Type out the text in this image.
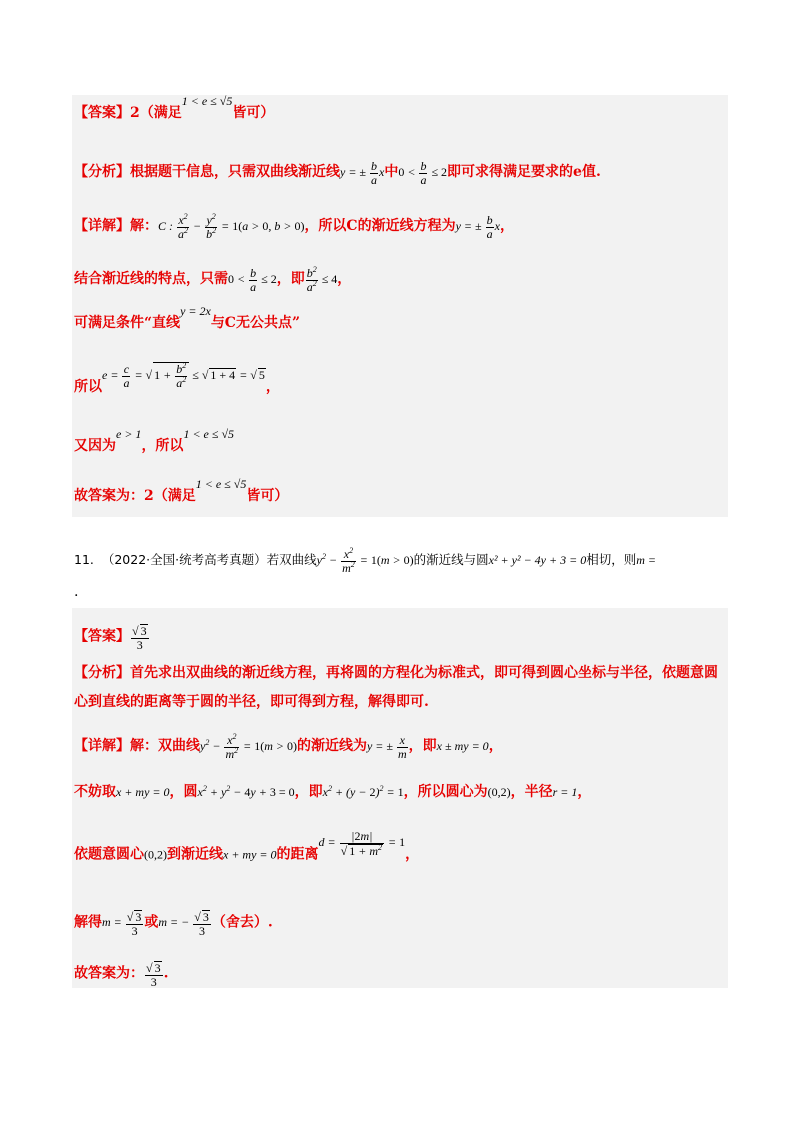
【答案】2（满足1 < e ≤ √5皆可）
【分析】根据题干信息，只需双曲线渐近线y = ± $\frac{b}{a}$ x中$0 < \frac{b}{a} \le 2$即可求得满足要求的e值.
【详解】解：C : $\frac{x^2}{a^2} - \frac{y^2}{b^2} = 1(a > 0$, b > 0)，所以C的渐近线方程为y = ± $\frac{b}{a}$ x，
结合渐近线的特点，只需$0 < \frac{b}{a} \le 2$，即 $\frac{b^2}{a^2} \le 4$，
可满足条件“直线y = 2x与C无公共点”
所以$e = \frac{c}{a}$ = √ $1 + \frac{b^2}{a^2}$ ≤ √ 1 + 4 = √ 5，
又因为e > 1，所以1 < e ≤ √5
故答案为：2（满足1 < e ≤ √5皆可）
11. （2022·全国·统考高考真题）若双曲线$y^2 - \frac{x^2}{m^2} = 1(m > 0)$的渐近线与圆x² + y² − 4y + 3 = 0相切，则m =
.
【答案】 $\frac{√ 3}{3}$
【分析】首先求出双曲线的渐近线方程，再将圆的方程化为标准式，即可得到圆心坐标与半径，依题意圆
心到直线的距离等于圆的半径，即可得到方程，解得即可.
【详解】解：双曲线$y^2 - \frac{x^2}{m^2} = 1(m > 0)$的渐近线为y = ± $\frac{x}{m}$ ，即x ± my = 0，
不妨取x + my = 0，圆$x^2 + y^2 - 4y + 3 = 0$，即$x^2 + (y - 2)^2 = 1$，所以圆心为(0,2)，半径r = 1，
依题意圆心(0,2)到渐近线x + my = 0的距离$d = \frac{|2m|}{√ 1 + m^2} = 1$，
解得$m = \frac{√ 3}{3}$ 或m = − $\frac{√ 3}{3}$ （舍去）.
故答案为： $\frac{√ 3}{3}$ .
